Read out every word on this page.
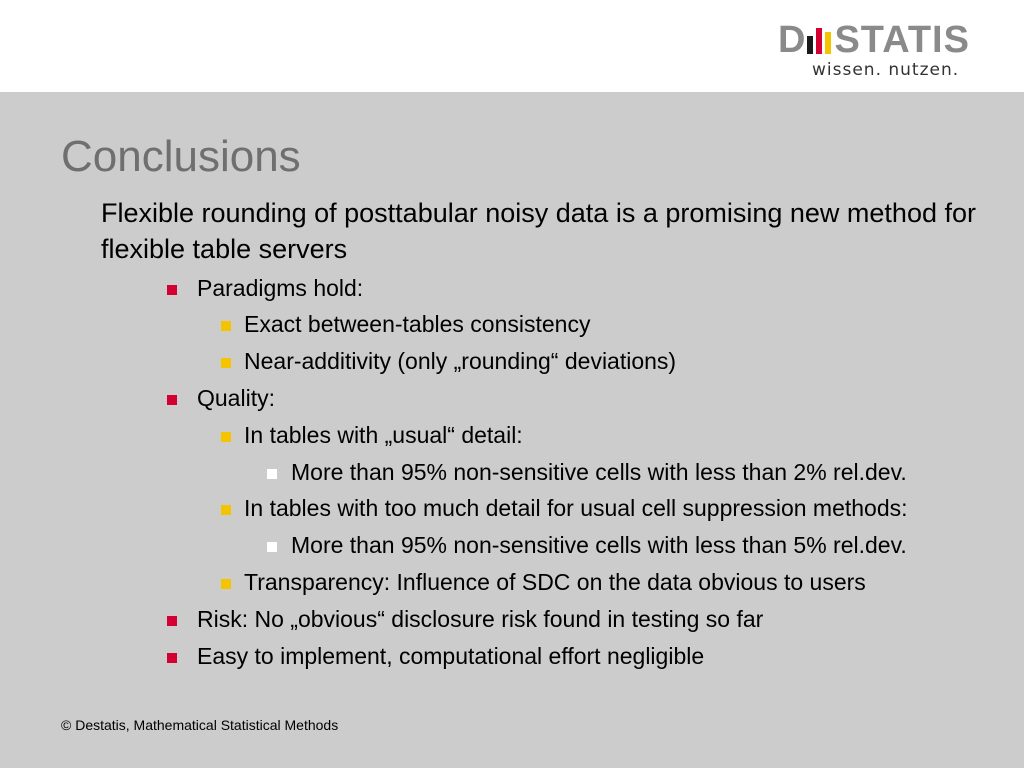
D STATIS
wissen. nutzen.
Conclusions
Flexible rounding of posttabular noisy data is a promising new method for flexible table servers
Paradigms hold:
Exact between-tables consistency
Near-additivity (only „rounding“ deviations)
Quality:
In tables with „usual“ detail:
More than 95% non-sensitive cells with less than 2% rel.dev.
In tables with too much detail for usual cell suppression methods:
More than 95% non-sensitive cells with less than 5% rel.dev.
Transparency: Influence of SDC on the data obvious to users
Risk: No „obvious“ disclosure risk found in testing so far
Easy to implement, computational effort negligible
© Destatis, Mathematical Statistical Methods
